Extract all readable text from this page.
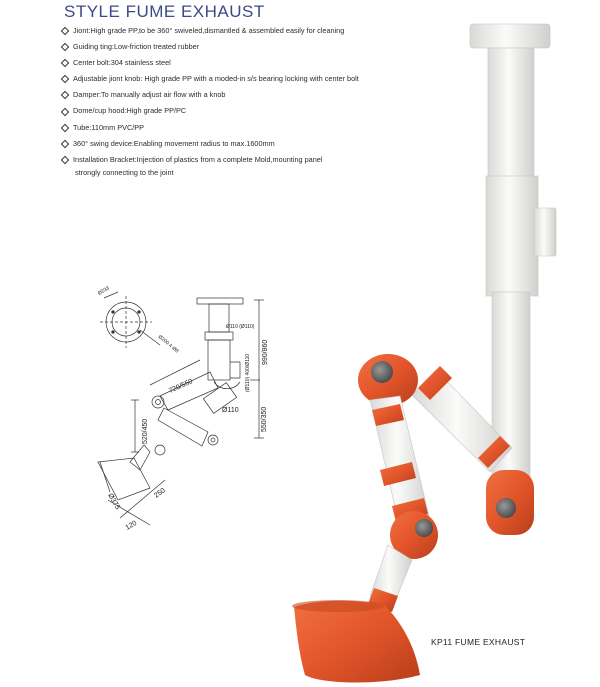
STYLE FUME EXHAUST
Jiont:High grade PP,to be 360° swiveled,dismantled & assembled easily for cleaning
Guiding ting:Low-friction treated rubber
Center bolt:304 stainless steel
Adjustable jiont knob: High grade PP with a moded-in s/s bearing locking with center bolt
Damper:To manually adjust air flow with a knob
Dome/cup hood:High grade PP/PC
Tube:110mm PVC/PP
360° swing device:Enabling movement radius to max.1600mm
Installation Bracket:Injection of plastics from a complete Mold,mounting panel
strongly connecting to the joint
Ø233
Ø200 4-Ø8
Ø110 (Ø110)
990/860
(Ø110) 400/Ø110
720/550
Ø110	550/350
520/450
Ø375	250
120
KP11 FUME EXHAUST
